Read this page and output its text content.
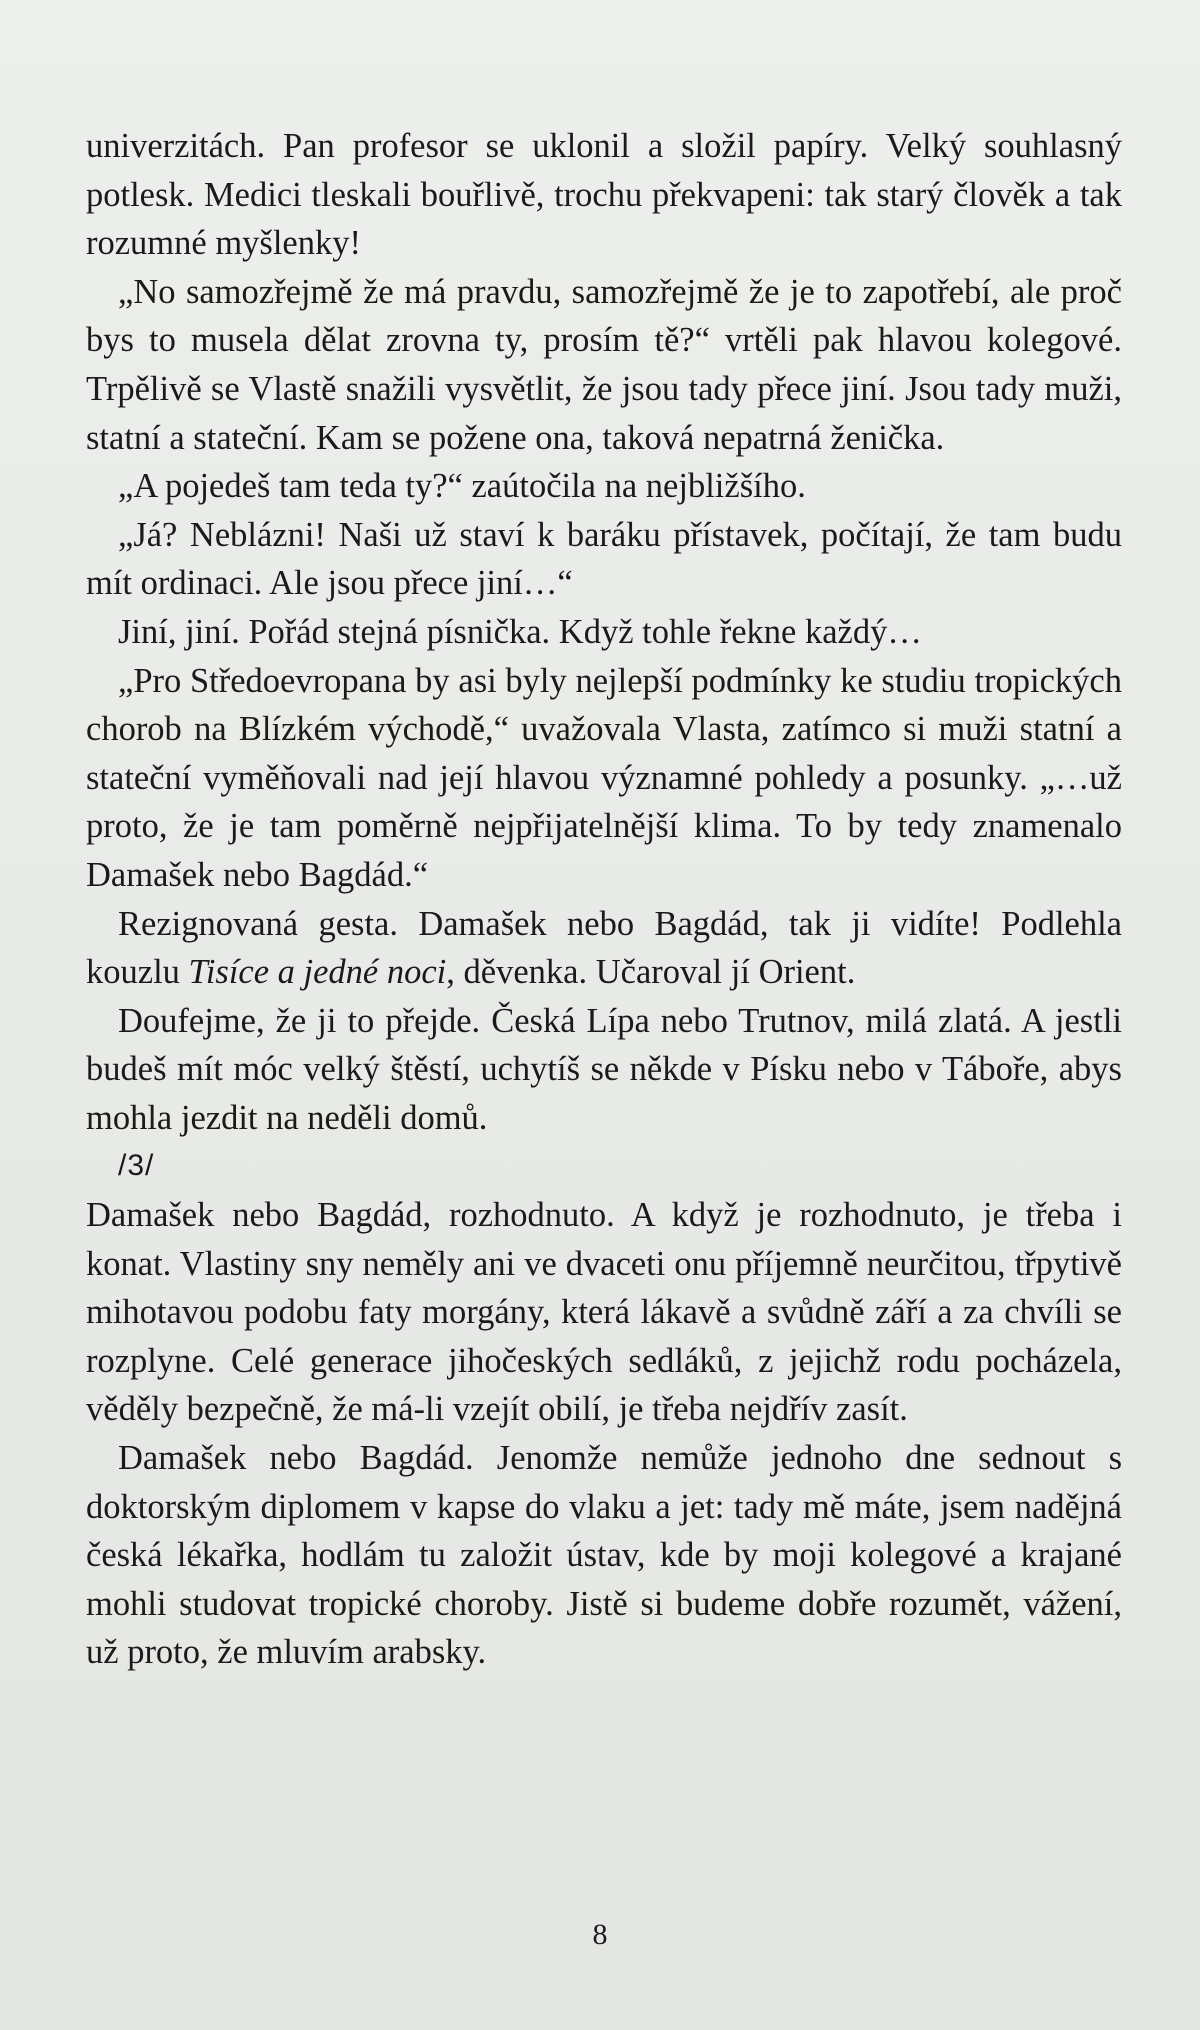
univerzitách. Pan profesor se uklonil a složil papíry. Velký souhlasný potlesk. Medici tleskali bouřlivě, trochu překvapeni: tak starý člověk a tak rozumné myšlenky!

„No samozřejmě že má pravdu, samozřejmě že je to zapotřebí, ale proč bys to musela dělat zrovna ty, prosím tě?“ vrtěli pak hlavou kolegové. Trpělivě se Vlastě snažili vysvětlit, že jsou tady přece jiní. Jsou tady muži, statní a stateční. Kam se požene ona, taková nepatrná ženička.

„A pojedeš tam teda ty?“ zaútočila na nejbližšího.

„Já? Neblázni! Naši už staví k baráku přístavek, počítají, že tam budu mít ordinaci. Ale jsou přece jiní…“

Jiní, jiní. Pořád stejná písnička. Když tohle řekne každý…

„Pro Středoevropana by asi byly nejlepší podmínky ke studiu tropických chorob na Blízkém východě,“ uvažovala Vlasta, zatímco si muži statní a stateční vyměňovali nad její hlavou významné pohledy a posunky. „…už proto, že je tam poměrně nejpřijatelnější klima. To by tedy znamenalo Damašek nebo Bagdád.“

Rezignovaná gesta. Damašek nebo Bagdád, tak ji vidíte! Podlehla kouzlu Tisíce a jedné noci, děvenka. Učaroval jí Orient.

Doufejme, že ji to přejde. Česká Lípa nebo Trutnov, milá zlatá. A jestli budeš mít móc velký štěstí, uchytíš se někde v Písku nebo v Táboře, abys mohla jezdit na neděli domů.

/3/

Damašek nebo Bagdád, rozhodnuto. A když je rozhodnuto, je třeba i konat. Vlastiny sny neměly ani ve dvaceti onu příjemně neurčitou, třpytivě mihotavou podobu faty morgány, která lákavě a svůdně září a za chvíli se rozplyne. Celé generace jihočeských sedláků, z jejichž rodu pocházela, věděly bezpečně, že má-li vzejít obilí, je třeba nejdřív zasít.

Damašek nebo Bagdád. Jenomže nemůže jednoho dne sednout s doktorským diplomem v kapse do vlaku a jet: tady mě máte, jsem nadějná česká lékařka, hodlám tu založit ústav, kde by moji kolegové a krajané mohli studovat tropické choroby. Jistě si budeme dobře rozumět, vážení, už proto, že mluvím arabsky.

8
